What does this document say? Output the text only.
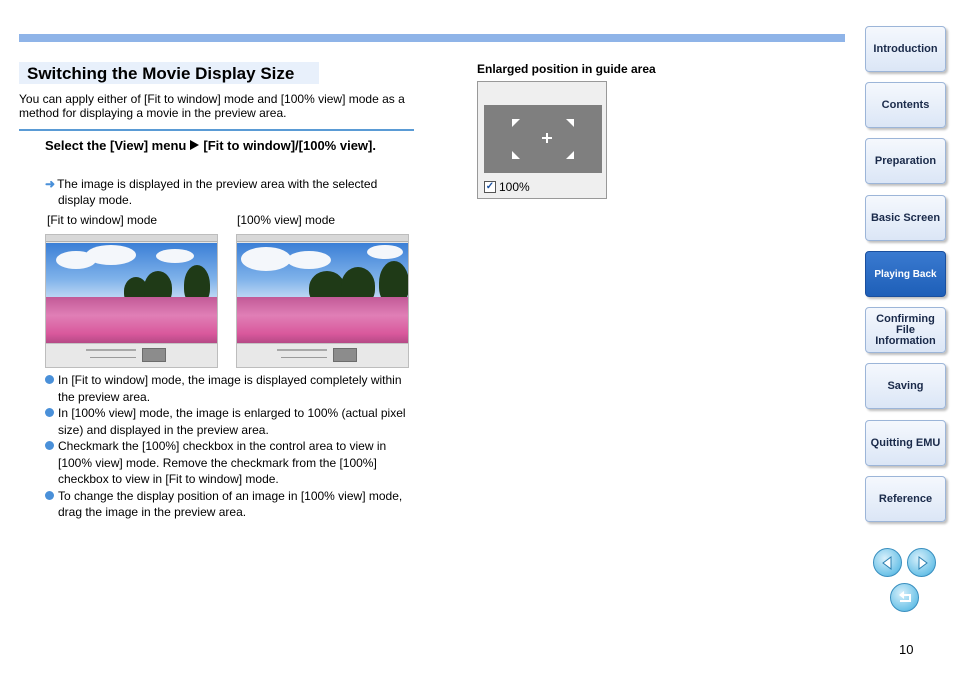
Switching the Movie Display Size

You can apply either of [Fit to window] mode and [100% view] mode as a method for displaying a movie in the preview area.

Select the [View] menu [Fit to window]/[100% view].
➜ The image is displayed in the preview area with the selected
display mode.
[Fit to window] mode	[100% view] mode
In [Fit to window] mode, the image is displayed completely within the preview area.
In [100% view] mode, the image is enlarged to 100% (actual pixel size) and displayed in the preview area.
Checkmark the [100%] checkbox in the control area to view in [100% view] mode. Remove the checkmark from the [100%] checkbox to view in [Fit to window] mode.
To change the display position of an image in [100% view] mode, drag the image in the preview area.
Enlarged position in guide area
✓ 100%
Introduction
Contents
Preparation
Basic Screen
Playing Back
Confirming File Information
Saving
Quitting EMU
Reference
10
